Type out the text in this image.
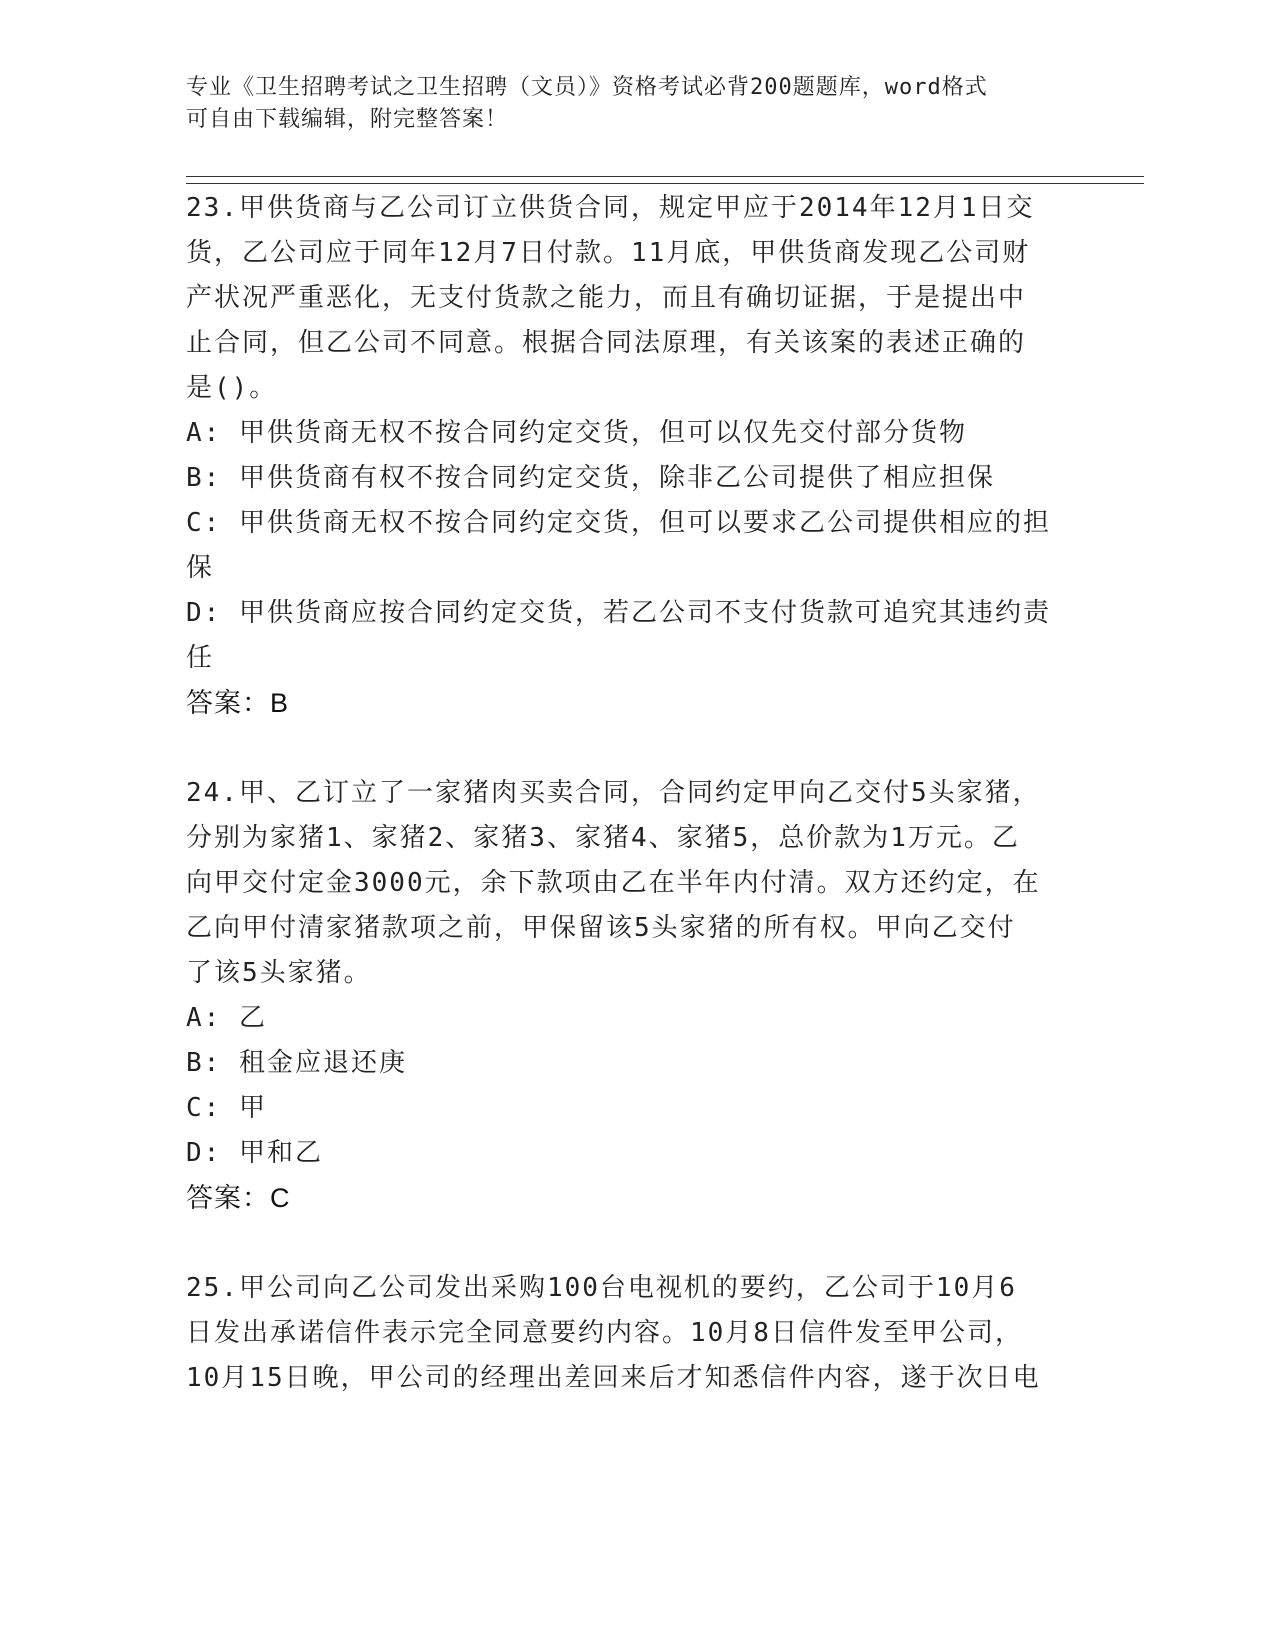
专业《卫生招聘考试之卫生招聘（文员）》资格考试必背200题题库，word格式
可自由下载编辑，附完整答案！

23.甲供货商与乙公司订立供货合同，规定甲应于2014年12月1日交

货，乙公司应于同年12月7日付款。11月底，甲供货商发现乙公司财

产状况严重恶化，无支付货款之能力，而且有确切证据，于是提出中

止合同，但乙公司不同意。根据合同法原理，有关该案的表述正确的

是()。

A: 甲供货商无权不按合同约定交货，但可以仅先交付部分货物

B: 甲供货商有权不按合同约定交货，除非乙公司提供了相应担保

C: 甲供货商无权不按合同约定交货，但可以要求乙公司提供相应的担

保

D: 甲供货商应按合同约定交货，若乙公司不支付货款可追究其违约责

任

答案：B

24.甲、乙订立了一家猪肉买卖合同，合同约定甲向乙交付5头家猪，

分别为家猪1、家猪2、家猪3、家猪4、家猪5，总价款为1万元。乙

向甲交付定金3000元，余下款项由乙在半年内付清。双方还约定，在

乙向甲付清家猪款项之前，甲保留该5头家猪的所有权。甲向乙交付

了该5头家猪。

A: 乙

B: 租金应退还庚

C: 甲

D: 甲和乙

答案：C

25.甲公司向乙公司发出采购100台电视机的要约，乙公司于10月6

日发出承诺信件表示完全同意要约内容。10月8日信件发至甲公司，

10月15日晚，甲公司的经理出差回来后才知悉信件内容，遂于次日电
